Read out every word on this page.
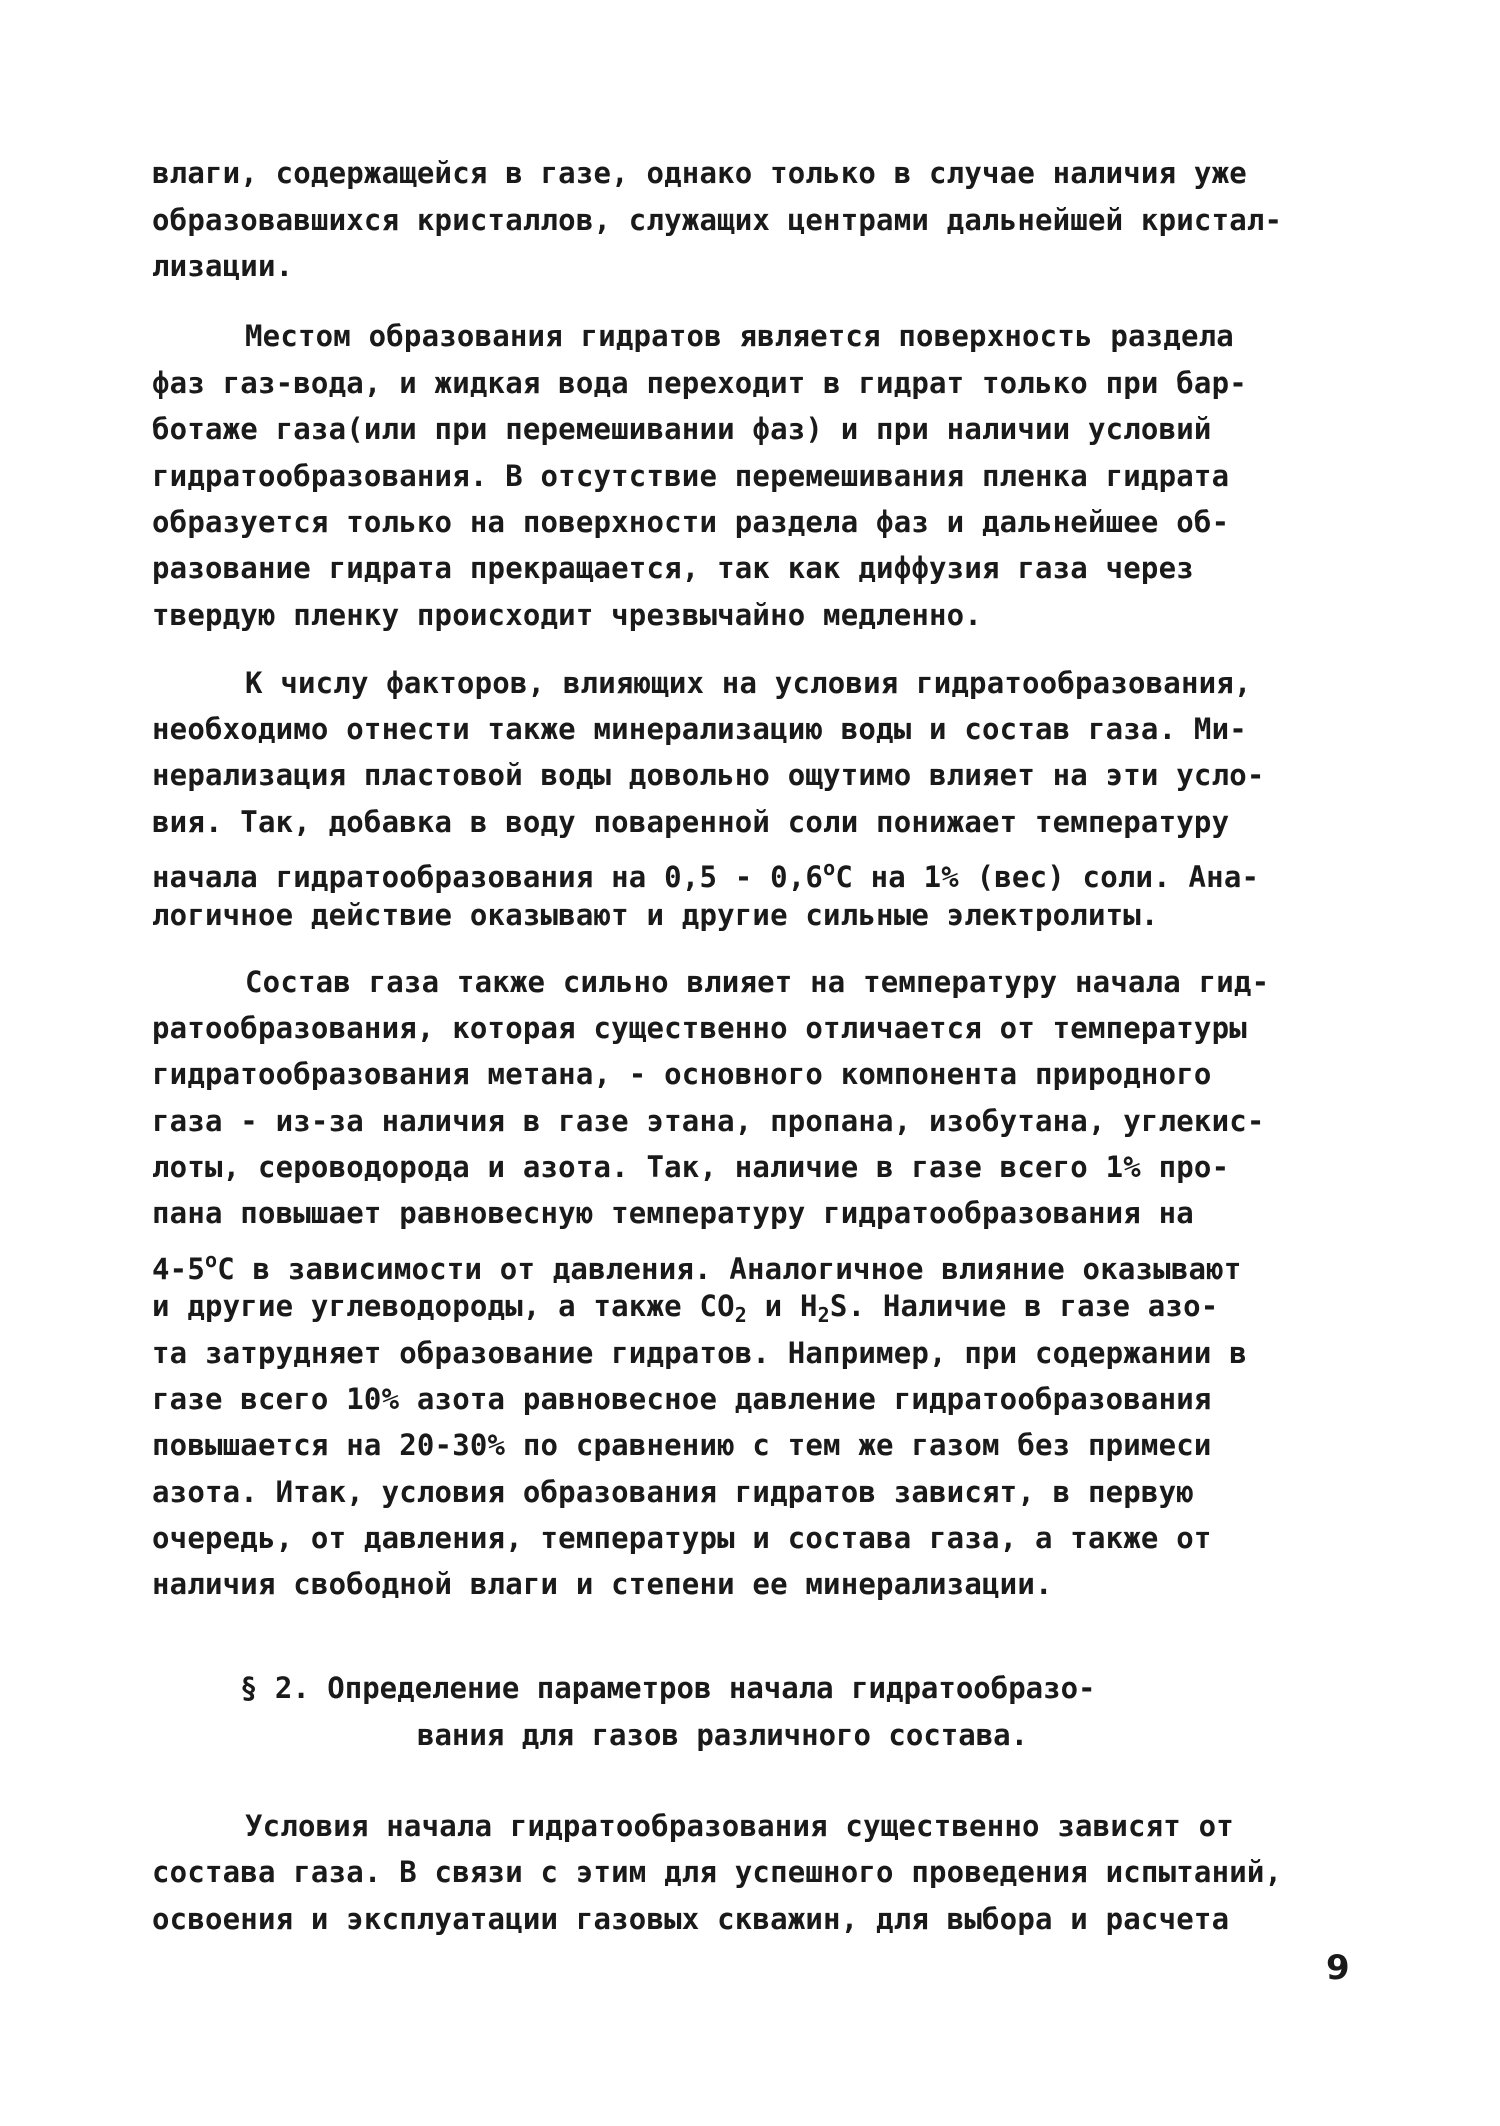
влаги, содержащейся в газе, однако только в случае наличия уже
образовавшихся кристаллов, служащих центрами дальнейшей кристал-
лизации.
Местом образования гидратов является поверхность раздела
фаз газ-вода, и жидкая вода переходит в гидрат только при бар-
ботаже газа(или при перемешивании фаз) и при наличии условий
гидратообразования. В отсутствие перемешивания пленка гидрата
образуется только на поверхности раздела фаз и дальнейшее об-
разование гидрата прекращается, так как диффузия газа через
твердую пленку происходит чрезвычайно медленно.
К числу факторов, влияющих на условия гидратообразования,
необходимо отнести также минерализацию воды и состав газа. Ми-
нерализация пластовой воды довольно ощутимо влияет на эти усло-
вия. Так, добавка в воду поваренной соли понижает температуру
начала гидратообразования на 0,5 - 0,6$^o$С на 1% (вес) соли. Ана-
логичное действие оказывают и другие сильные электролиты.
Состав газа также сильно влияет на температуру начала гид-
ратообразования, которая существенно отличается от температуры
гидратообразования метана, - основного компонента природного
газа - из-за наличия в газе этана, пропана, изобутана, углекис-
лоты, сероводорода и азота. Так, наличие в газе всего 1% про-
пана повышает равновесную температуру гидратообразования на
4-5$^o$С в зависимости от давления. Аналогичное влияние оказывают
и другие углеводороды, а также $СО_2$ и $Н_2S$. Наличие в газе азо-
та затрудняет образование гидратов. Например, при содержании в
газе всего 10% азота равновесное давление гидратообразования
повышается на 20-30% по сравнению с тем же газом без примеси
азота. Итак, условия образования гидратов зависят, в первую
очередь, от давления, температуры и состава газа, а также от
наличия свободной влаги и степени ее минерализации.
§ 2. Определение параметров начала гидратообразо-
вания для газов различного состава.
Условия начала гидратообразования существенно зависят от
состава газа. В связи с этим для успешного проведения испытаний,
освоения и эксплуатации газовых скважин, для выбора и расчета
9
